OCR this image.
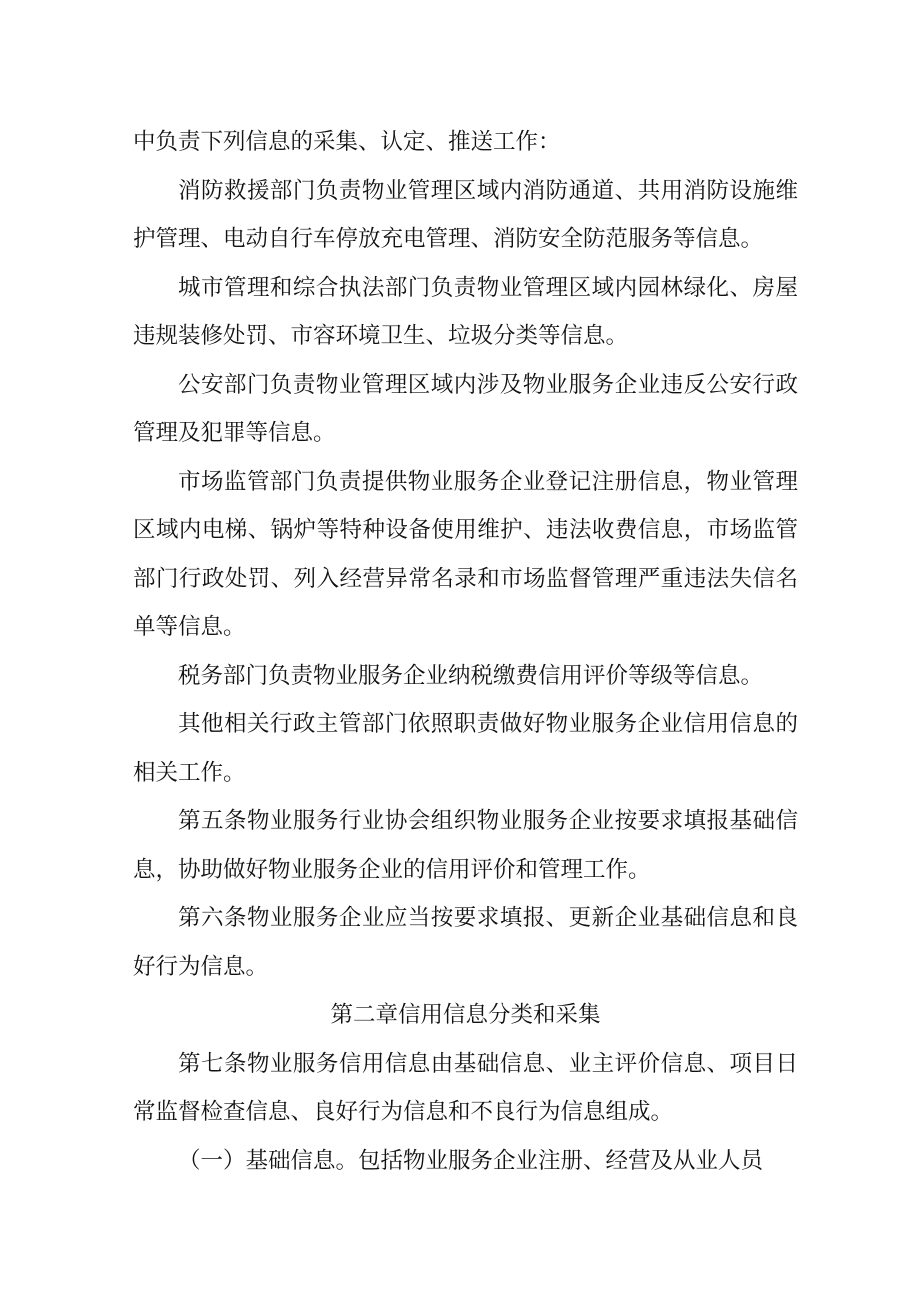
中负责下列信息的采集、认定、推送工作：

消防救援部门负责物业管理区域内消防通道、共用消防设施维护管理、电动自行车停放充电管理、消防安全防范服务等信息。

城市管理和综合执法部门负责物业管理区域内园林绿化、房屋违规装修处罚、市容环境卫生、垃圾分类等信息。

公安部门负责物业管理区域内涉及物业服务企业违反公安行政管理及犯罪等信息。

市场监管部门负责提供物业服务企业登记注册信息，物业管理区域内电梯、锅炉等特种设备使用维护、违法收费信息，市场监管部门行政处罚、列入经营异常名录和市场监督管理严重违法失信名单等信息。

税务部门负责物业服务企业纳税缴费信用评价等级等信息。

其他相关行政主管部门依照职责做好物业服务企业信用信息的相关工作。

第五条物业服务行业协会组织物业服务企业按要求填报基础信息，协助做好物业服务企业的信用评价和管理工作。

第六条物业服务企业应当按要求填报、更新企业基础信息和良好行为信息。

第二章信用信息分类和采集

第七条物业服务信用信息由基础信息、业主评价信息、项目日常监督检查信息、良好行为信息和不良行为信息组成。

（一）基础信息。包括物业服务企业注册、经营及从业人员
